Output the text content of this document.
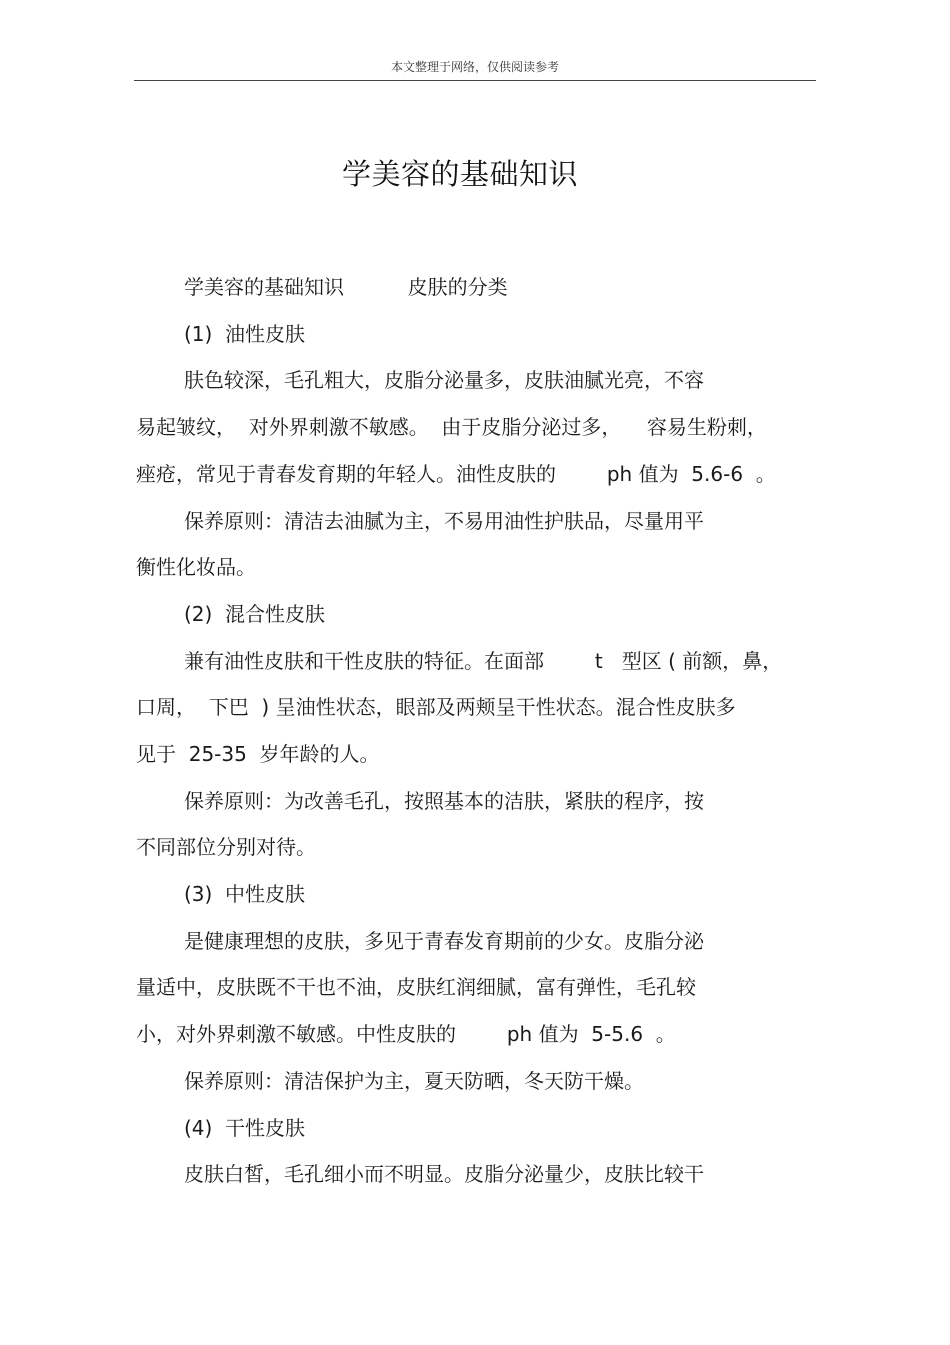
本文整理于网络，仅供阅读参考
学美容的基础知识
学美容的基础知识          皮肤的分类
(1)  油性皮肤
肤色较深，毛孔粗大，皮脂分泌量多，皮肤油腻光亮，不容
易起皱纹，  对外界刺激不敏感。  由于皮脂分泌过多，    容易生粉刺，
痤疮，常见于青春发育期的年轻人。油性皮肤的        ph 值为  5.6-6  。
保养原则：清洁去油腻为主，不易用油性护肤品，尽量用平
衡性化妆品。
(2)  混合性皮肤
兼有油性皮肤和干性皮肤的特征。在面部        t   型区 ( 前额，鼻，
口周，  下巴  ) 呈油性状态，眼部及两颊呈干性状态。混合性皮肤多
见于  25-35  岁年龄的人。
保养原则：为改善毛孔，按照基本的洁肤，紧肤的程序，按
不同部位分别对待。
(3)  中性皮肤
是健康理想的皮肤，多见于青春发育期前的少女。皮脂分泌
量适中，皮肤既不干也不油，皮肤红润细腻，富有弹性，毛孔较
小，对外界刺激不敏感。中性皮肤的        ph 值为  5-5.6  。
保养原则：清洁保护为主，夏天防晒，冬天防干燥。
(4)  干性皮肤
皮肤白皙，毛孔细小而不明显。皮脂分泌量少，皮肤比较干
